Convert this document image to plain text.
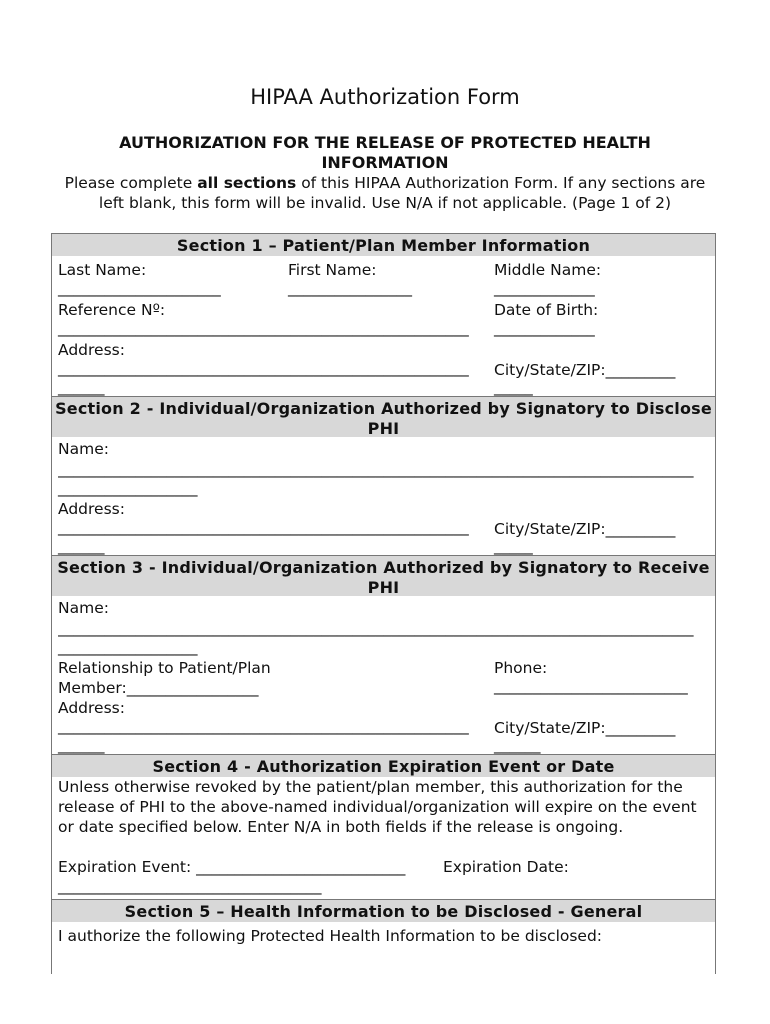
HIPAA Authorization Form
AUTHORIZATION FOR THE RELEASE OF PROTECTED HEALTH INFORMATION
Please complete all sections of this HIPAA Authorization Form. If any sections are left blank, this form will be invalid. Use N/A if not applicable. (Page 1 of 2)
Section 1 – Patient/Plan Member Information
Last Name:	First Name:	Middle Name:
_____________________	________________	_____________
Reference Nº:	Date of Birth:
_____________________________________________________ _____________
Address:
_____________________________________________________ City/State/ZIP:_________
______	_____
Section 2 - Individual/Organization Authorized by Signatory to Disclose PHI
Name:
__________________________________________________________________________________
__________________
Address:
_____________________________________________________ City/State/ZIP:_________
______	_____
Section 3 - Individual/Organization Authorized by Signatory to Receive PHI
Name:
__________________________________________________________________________________
__________________
Relationship to Patient/Plan	Phone:
Member:_________________	_________________________
Address:
_____________________________________________________ City/State/ZIP:_________
______	______
Section 4 - Authorization Expiration Event or Date
Unless otherwise revoked by the patient/plan member, this authorization for the release of PHI to the above-named individual/organization will expire on the event or date specified below. Enter N/A in both fields if the release is ongoing.
Expiration Event: ___________________________ Expiration Date:
__________________________________
Section 5 – Health Information to be Disclosed - General
I authorize the following Protected Health Information to be disclosed:
